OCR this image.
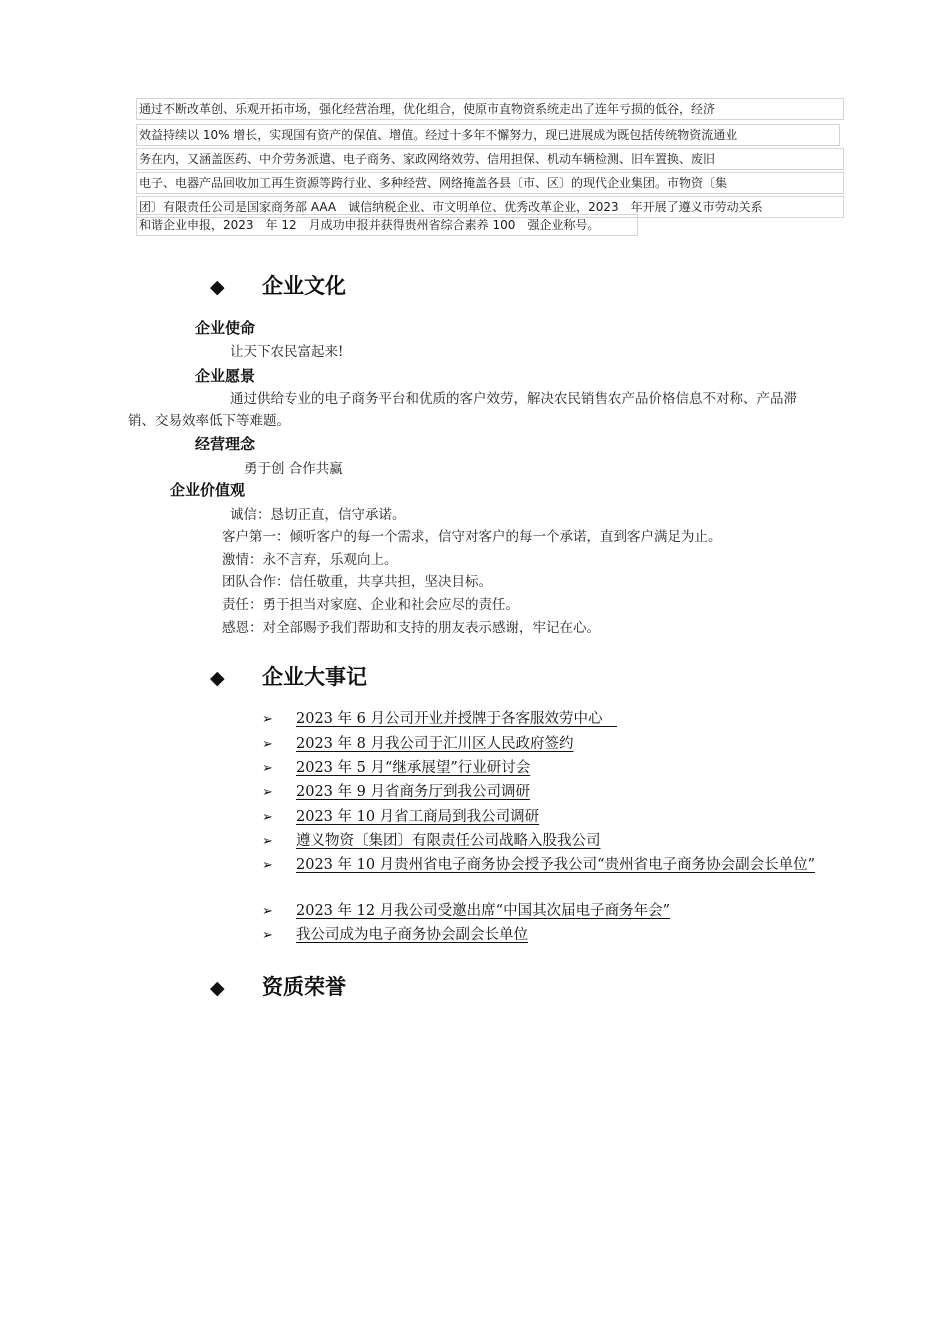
通过不断改革创、乐观开拓市场，强化经营治理，优化组合，使原市直物资系统走出了连年亏损的低谷，经济
效益持续以 10% 增长，实现国有资产的保值、增值。经过十多年不懈努力，现已进展成为既包括传统物资流通业
务在内，又涵盖医药、中介劳务派遣、电子商务、家政网络效劳、信用担保、机动车辆检测、旧车置换、废旧
电子、电器产品回收加工再生资源等跨行业、多种经营、网络掩盖各县〔市、区〕的现代企业集团。市物资〔集
团〕有限责任公司是国家商务部 AAA　诚信纳税企业、市文明单位、优秀改革企业，2023　年开展了遵义市劳动关系
和谐企业申报，2023　年 12　月成功申报并获得贵州省综合素养 100　强企业称号。
◆ 企业文化
企业使命
让天下农民富起来!
企业愿景
通过供给专业的电子商务平台和优质的客户效劳，解决农民销售农产品价格信息不对称、产品滞
销、交易效率低下等难题。
经营理念
勇于创 合作共赢
企业价值观
诚信：恳切正直，信守承诺。
客户第一：倾听客户的每一个需求，信守对客户的每一个承诺，直到客户满足为止。
激情：永不言弃，乐观向上。
团队合作：信任敬重，共享共担，坚决目标。
责任：勇于担当对家庭、企业和社会应尽的责任。
感恩：对全部赐予我们帮助和支持的朋友表示感谢，牢记在心。
◆ 企业大事记
➢ 2023 年 6 月公司开业并授牌于各客服效劳中心　
➢ 2023 年 8 月我公司于汇川区人民政府签约
➢ 2023 年 5 月“继承展望”行业研讨会
➢ 2023 年 9 月省商务厅到我公司调研
➢ 2023 年 10 月省工商局到我公司调研
➢ 遵义物资〔集团〕有限责任公司战略入股我公司
➢ 2023 年 10 月贵州省电子商务协会授予我公司“贵州省电子商务协会副会长单位”
➢ 2023 年 12 月我公司受邀出席“中国其次届电子商务年会”
➢ 我公司成为电子商务协会副会长单位
◆ 资质荣誉
